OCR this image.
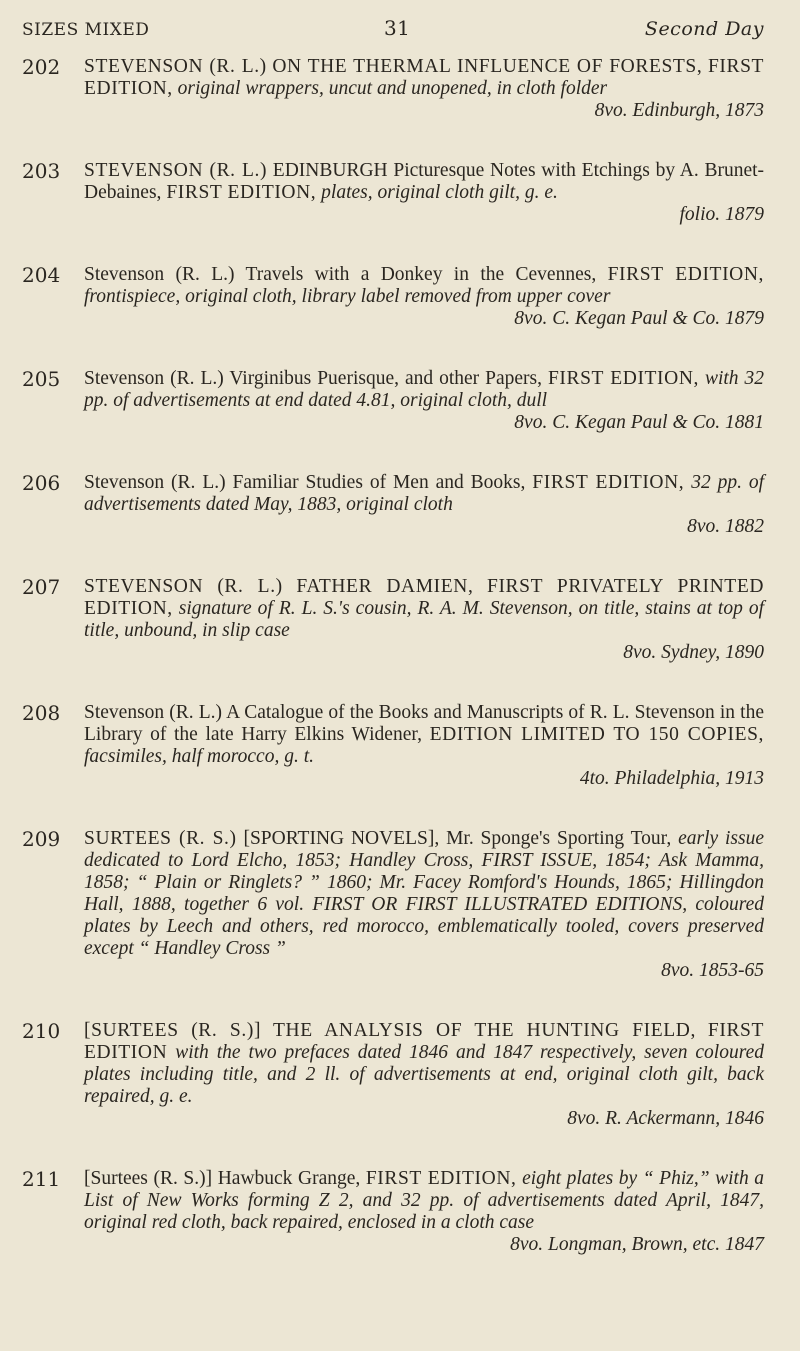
SIZES MIXED	31	Second Day
202	STEVENSON (R. L.) ON THE THERMAL INFLUENCE OF FORESTS, FIRST EDITION, original wrappers, uncut and unopened, in cloth folder
8vo. Edinburgh, 1873
203	STEVENSON (R. L.) EDINBURGH Picturesque Notes with Etchings by A. Brunet-Debaines, FIRST EDITION, plates, original cloth gilt, g. e.
folio. 1879
204	Stevenson (R. L.) Travels with a Donkey in the Cevennes, FIRST EDITION, frontispiece, original cloth, library label removed from upper cover
8vo. C. Kegan Paul & Co. 1879
205	Stevenson (R. L.) Virginibus Puerisque, and other Papers, FIRST EDITION, with 32 pp. of advertisements at end dated 4.81, original cloth, dull
8vo. C. Kegan Paul & Co. 1881
206	Stevenson (R. L.) Familiar Studies of Men and Books, FIRST EDITION, 32 pp. of advertisements dated May, 1883, original cloth
8vo. 1882
207	STEVENSON (R. L.) FATHER DAMIEN, FIRST PRIVATELY PRINTED EDITION, signature of R. L. S.'s cousin, R. A. M. Stevenson, on title, stains at top of title, unbound, in slip case
8vo. Sydney, 1890
208	Stevenson (R. L.) A Catalogue of the Books and Manuscripts of R. L. Stevenson in the Library of the late Harry Elkins Widener, EDITION LIMITED TO 150 COPIES, facsimiles, half morocco, g. t.
4to. Philadelphia, 1913
209	SURTEES (R. S.) [SPORTING NOVELS], Mr. Sponge's Sporting Tour, early issue dedicated to Lord Elcho, 1853; Handley Cross, FIRST ISSUE, 1854; Ask Mamma, 1858; “ Plain or Ringlets? ” 1860; Mr. Facey Romford's Hounds, 1865; Hillingdon Hall, 1888, together 6 vol. FIRST OR FIRST ILLUSTRATED EDITIONS, coloured plates by Leech and others, red morocco, emblematically tooled, covers preserved except “ Handley Cross ”
8vo. 1853-65
210	[SURTEES (R. S.)] THE ANALYSIS OF THE HUNTING FIELD, FIRST EDITION with the two prefaces dated 1846 and 1847 respectively, seven coloured plates including title, and 2 ll. of advertisements at end, original cloth gilt, back repaired, g. e.
8vo. R. Ackermann, 1846
211	[Surtees (R. S.)] Hawbuck Grange, FIRST EDITION, eight plates by “ Phiz,” with a List of New Works forming Z 2, and 32 pp. of advertisements dated April, 1847, original red cloth, back repaired, enclosed in a cloth case
8vo. Longman, Brown, etc. 1847
